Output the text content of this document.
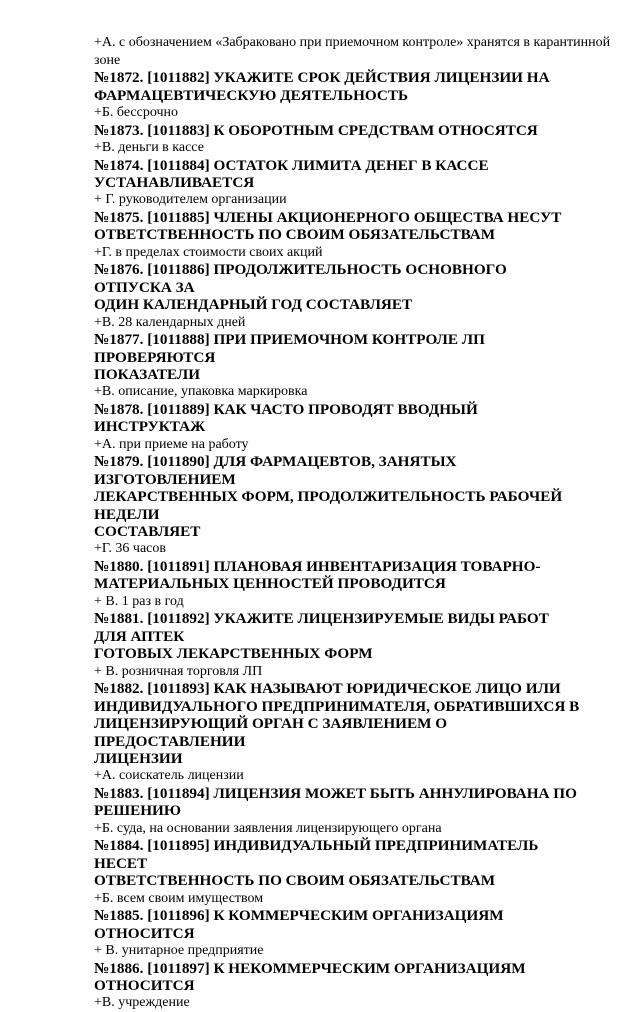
+А. с обозначением «Забраковано при приемочном контроле» хранятся в карантинной
зоне
№1872. [1011882] УКАЖИТЕ СРОК ДЕЙСТВИЯ ЛИЦЕНЗИИ НА
ФАРМАЦЕВТИЧЕСКУЮ ДЕЯТЕЛЬНОСТЬ
+Б. бессрочно
№1873. [1011883] К ОБОРОТНЫМ СРЕДСТВАМ ОТНОСЯТСЯ
+В. деньги в кассе
№1874. [1011884] ОСТАТОК ЛИМИТА ДЕНЕГ В КАССЕ УСТАНАВЛИВАЕТСЯ
+ Г. руководителем организации
№1875. [1011885] ЧЛЕНЫ АКЦИОНЕРНОГО ОБЩЕСТВА НЕСУТ
ОТВЕТСТВЕННОСТЬ ПО СВОИМ ОБЯЗАТЕЛЬСТВАМ
+Г. в пределах стоимости своих акций
№1876. [1011886] ПРОДОЛЖИТЕЛЬНОСТЬ ОСНОВНОГО ОТПУСКА ЗА
ОДИН КАЛЕНДАРНЫЙ ГОД СОСТАВЛЯЕТ
+В. 28 календарных дней
№1877. [1011888] ПРИ ПРИЕМОЧНОМ КОНТРОЛЕ ЛП ПРОВЕРЯЮТСЯ
ПОКАЗАТЕЛИ
+В. описание, упаковка маркировка
№1878. [1011889] КАК ЧАСТО ПРОВОДЯТ ВВОДНЫЙ ИНСТРУКТАЖ
+А. при приеме на работу
№1879. [1011890] ДЛЯ ФАРМАЦЕВТОВ, ЗАНЯТЫХ ИЗГОТОВЛЕНИЕМ
ЛЕКАРСТВЕННЫХ ФОРМ, ПРОДОЛЖИТЕЛЬНОСТЬ РАБОЧЕЙ НЕДЕЛИ
СОСТАВЛЯЕТ
+Г. 36 часов
№1880. [1011891] ПЛАНОВАЯ ИНВЕНТАРИЗАЦИЯ ТОВАРНО-
МАТЕРИАЛЬНЫХ ЦЕННОСТЕЙ ПРОВОДИТСЯ
+ В. 1 раз в год
№1881. [1011892] УКАЖИТЕ ЛИЦЕНЗИРУЕМЫЕ ВИДЫ РАБОТ ДЛЯ АПТЕК
ГОТОВЫХ ЛЕКАРСТВЕННЫХ ФОРМ
+ В. розничная торговля ЛП
№1882. [1011893] КАК НАЗЫВАЮТ ЮРИДИЧЕСКОЕ ЛИЦО ИЛИ
ИНДИВИДУАЛЬНОГО ПРЕДПРИНИМАТЕЛЯ, ОБРАТИВШИХСЯ В
ЛИЦЕНЗИРУЮЩИЙ ОРГАН С ЗАЯВЛЕНИЕМ О ПРЕДОСТАВЛЕНИИ
ЛИЦЕНЗИИ
+А. соискатель лицензии
№1883. [1011894] ЛИЦЕНЗИЯ МОЖЕТ БЫТЬ АННУЛИРОВАНА ПО
РЕШЕНИЮ
+Б. суда, на основании заявления лицензирующего органа
№1884. [1011895] ИНДИВИДУАЛЬНЫЙ ПРЕДПРИНИМАТЕЛЬ НЕСЕТ
ОТВЕТСТВЕННОСТЬ ПО СВОИМ ОБЯЗАТЕЛЬСТВАМ
+Б. всем своим имуществом
№1885. [1011896] К КОММЕРЧЕСКИМ ОРГАНИЗАЦИЯМ ОТНОСИТСЯ
+ В. унитарное предприятие
№1886. [1011897] К НЕКОММЕРЧЕСКИМ ОРГАНИЗАЦИЯМ ОТНОСИТСЯ
+В. учреждение
